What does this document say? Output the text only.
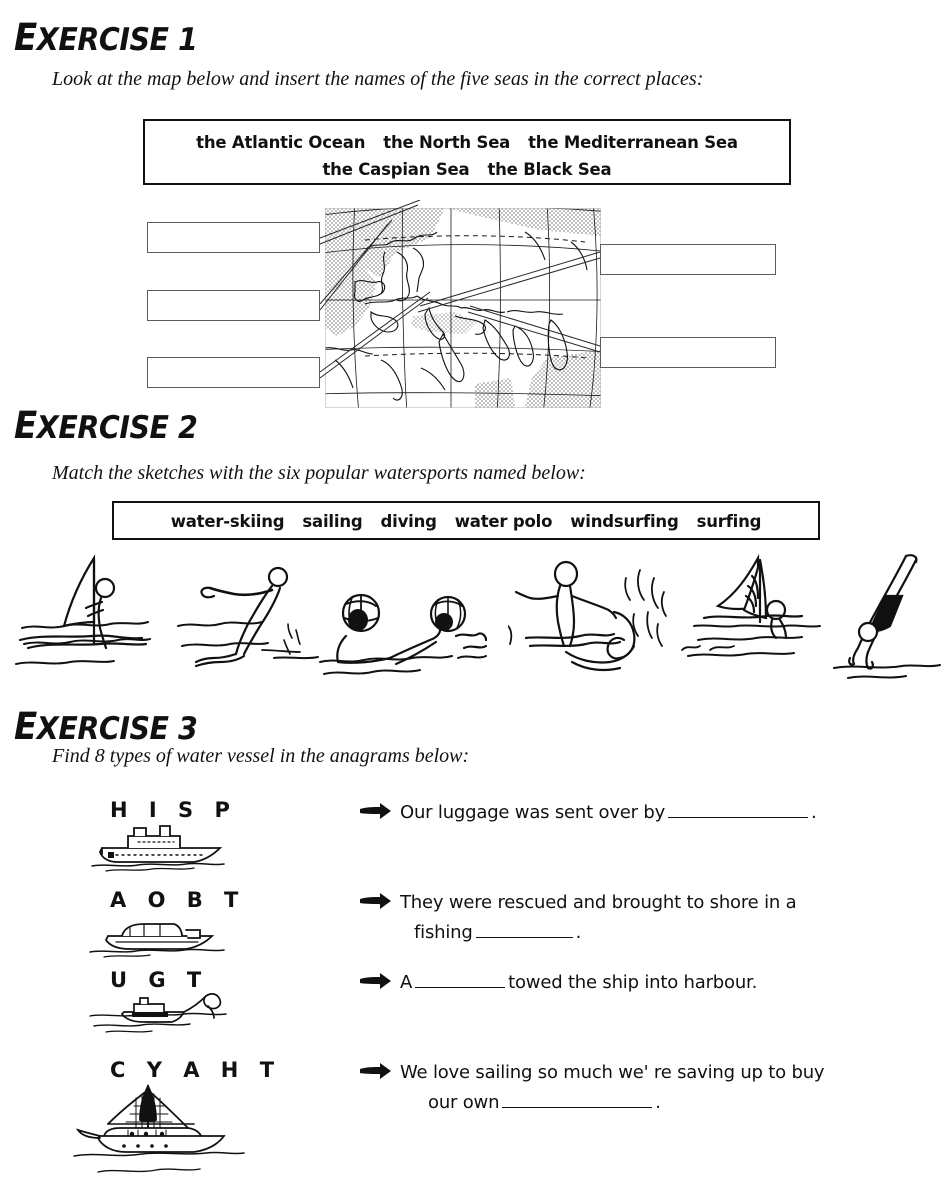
EXERCISE 1
Look at the map below and insert the names of the five seas in the correct places:
the Atlantic Ocean the North Sea the Mediterranean Sea
the Caspian Sea the Black Sea
EXERCISE 2
Match the sketches with the six popular watersports named below:
water-skiing sailing diving water polo windsurfing surfing
EXERCISE 3
Find 8 types of water vessel in the anagrams below:
H I S P	Our luggage was sent over by	.
A O B T	They were rescued and brought to shore in a
fishing	.
U G T	A	towed the ship into harbour.
C Y A H T	We love sailing so much we' re saving up to buy
our own	.
